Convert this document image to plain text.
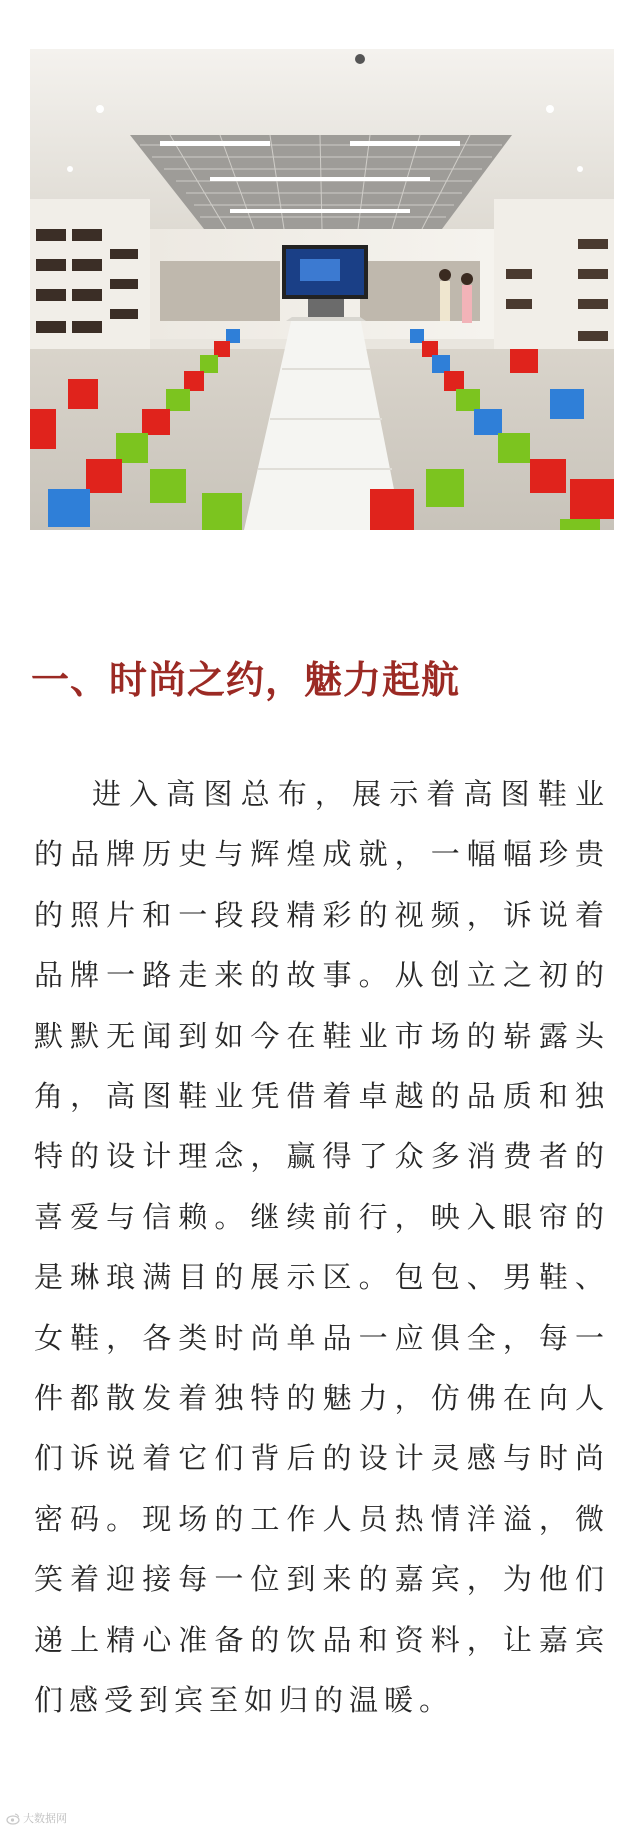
一、时尚之约，魅力起航

进入高图总布，展示着高图鞋业的品牌历史与辉煌成就，一幅幅珍贵的照片和一段段精彩的视频，诉说着品牌一路走来的故事。从创立之初的默默无闻到如今在鞋业市场的崭露头角，高图鞋业凭借着卓越的品质和独特的设计理念，赢得了众多消费者的喜爱与信赖。继续前行，映入眼帘的是琳琅满目的展示区。包包、男鞋、女鞋，各类时尚单品一应俱全，每一件都散发着独特的魅力，仿佛在向人们诉说着它们背后的设计灵感与时尚密码。现场的工作人员热情洋溢，微笑着迎接每一位到来的嘉宾，为他们递上精心准备的饮品和资料，让嘉宾们感受到宾至如归的温暖。

大数据网
